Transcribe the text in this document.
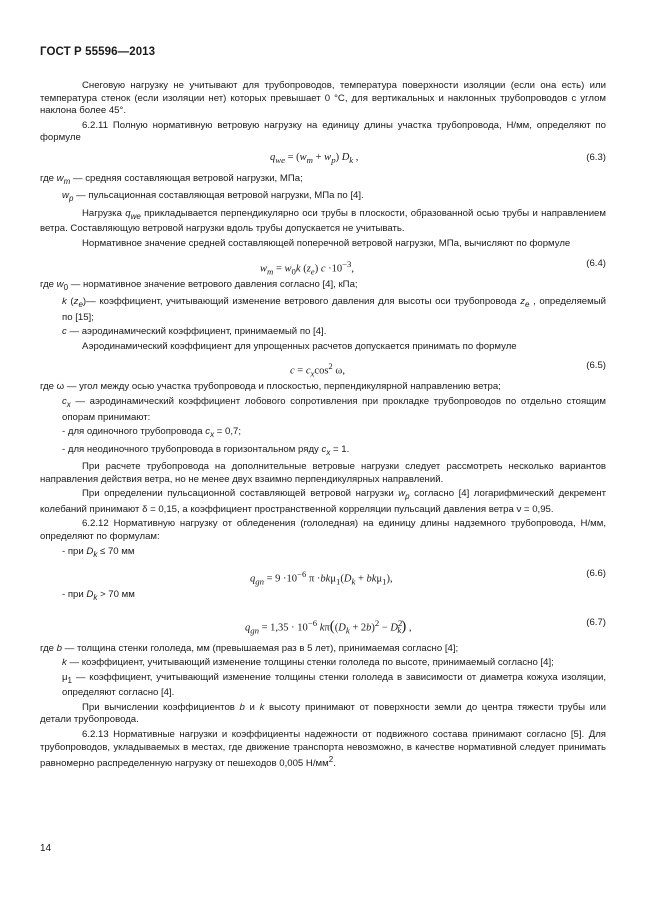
ГОСТ Р 55596—2013

Снеговую нагрузку не учитывают для трубопроводов, температура поверхности изоляции (если она есть) или температура стенок (если изоляции нет) которых превышает 0 °С, для вертикальных и наклонных трубопроводов с углом наклона более 45°.

6.2.11 Полную нормативную ветровую нагрузку на единицу длины участка трубопровода, Н/мм, определяют по формуле

$q_{we} = (w_m + w_p)$ $D_k$ ,	(6.3)

где $w_m$ — средняя составляющая ветровой нагрузки, МПа;

$w_p$ — пульсационная составляющая ветровой нагрузки, МПа по [4].

Нагрузка $q_{we}$ прикладывается перпендикулярно оси трубы в плоскости, образованной осью трубы и направлением ветра. Составляющую ветровой нагрузки вдоль трубы допускается не учитывать.

Нормативное значение средней составляющей поперечной ветровой нагрузки, МПа, вычисляют по формуле

$w_m = w_0k$ $(z_e)$ $c \cdot 10^{-3}$,	(6.4)

где $w_0$ — нормативное значение ветрового давления согласно [4], кПа;

k $(z_e)—$ коэффициент, учитывающий изменение ветрового давления для высоты оси трубопровода $z_e$ , определяемый по [15];

c — аэродинамический коэффициент, принимаемый по [4].

Аэродинамический коэффициент для упрощенных расчетов допускается принимать по формуле

$c = c_x\cos^2$ ω,	(6.5)

где ω — угол между осью участка трубопровода и плоскостью, перпендикулярной направлению ветра;

$c_x$ — аэродинамический коэффициент лобового сопротивления при прокладке трубопроводов по отдельно стоящим опорам принимают:

- для одиночного трубопровода $c_x = 0,7$;

- для неодиночного трубопровода в горизонтальном ряду $c_x = 1$.

При расчете трубопровода на дополнительные ветровые нагрузки следует рассмотреть несколько вариантов направления действия ветра, но не менее двух взаимно перпендикулярных направлений.

При определении пульсационной составляющей ветровой нагрузки $w_p$ согласно [4] логарифмический декремент колебаний принимают δ = 0,15, а коэффициент пространственной корреляции пульсаций давления ветра ν = 0,95.

6.2.12 Нормативную нагрузку от обледенения (гололедная) на единицу длины надземного трубопровода, Н/мм, определяют по формулам:

- при $D_k \le 70$ мм

$q_{gn} = 9 \cdot 10^{-6}$ $\pi \cdot bk\mu_1(D_k + bk\mu_1)$,	(6.6)

- при $D_k > 70$ мм

$q_{gn} = 1,35 \cdot 10^{-6}$ $k\pi((D_k + 2b)^2 - D^2_k)$ ,	(6.7)

где b — толщина стенки гололеда, мм (превышаемая раз в 5 лет), принимаемая согласно [4];

k — коэффициент, учитывающий изменение толщины стенки гололеда по высоте, принимаемый согласно [4];

$\mu_1$ — коэффициент, учитывающий изменение толщины стенки гололеда в зависимости от диаметра кожуха изоляции, определяют согласно [4].

При вычислении коэффициентов b и k высоту принимают от поверхности земли до центра тяжести трубы или детали трубопровода.

6.2.13 Нормативные нагрузки и коэффициенты надежности от подвижного состава принимают согласно [5]. Для трубопроводов, укладываемых в местах, где движение транспорта невозможно, в качестве нормативной следует принимать равномерно распределенную нагрузку от пешеходов 0,005 $Н/мм^2$.

14
